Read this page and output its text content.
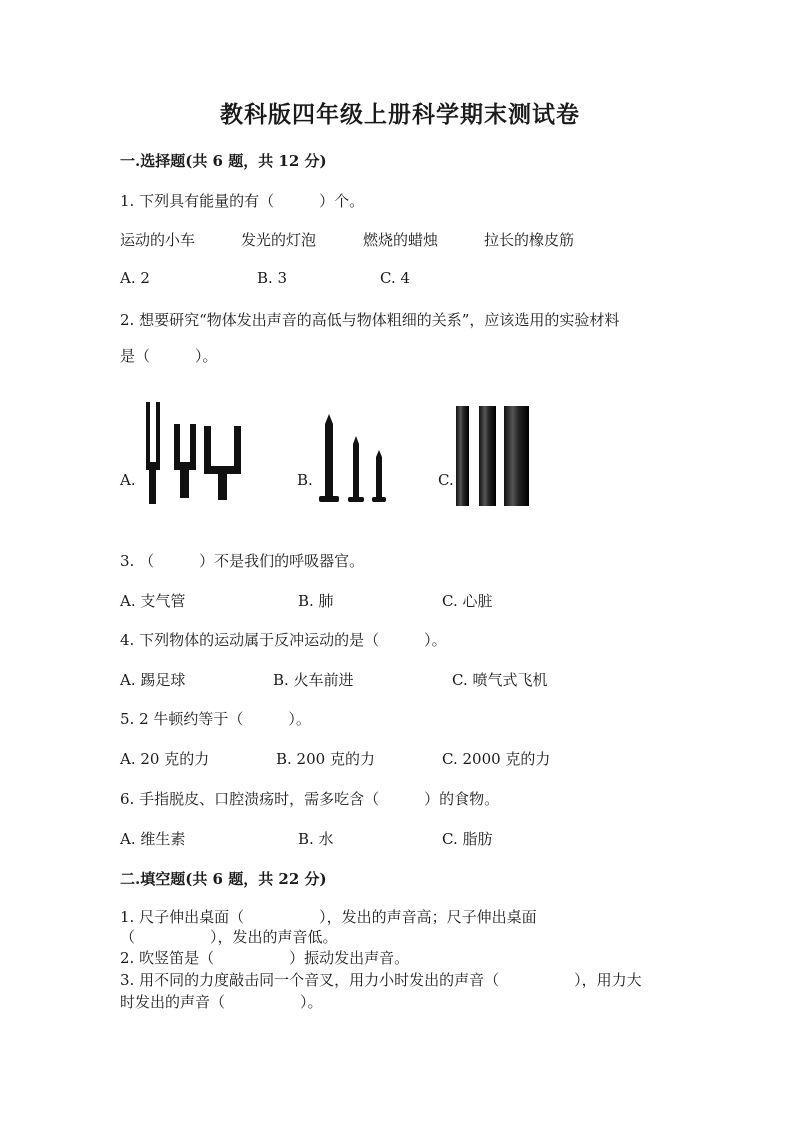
教科版四年级上册科学期末测试卷
一.选择题(共 6 题，共 12 分)
1. 下列具有能量的有（　　　）个。
运动的小车	发光的灯泡	燃烧的蜡烛	拉长的橡皮筋
A. 2	B. 3	C. 4
2. 想要研究“物体发出声音的高低与物体粗细的关系”，应该选用的实验材料
是（　　　）。
A.	B.	C.
3. （　　　）不是我们的呼吸器官。
A. 支气管	B. 肺	C. 心脏
4. 下列物体的运动属于反冲运动的是（　　　）。
A. 踢足球	B. 火车前进	C. 喷气式飞机
5. 2 牛顿约等于（　　　）。
A. 20 克的力	B. 200 克的力	C. 2000 克的力
6. 手指脱皮、口腔溃疡时，需多吃含（　　　）的食物。
A. 维生素	B. 水	C. 脂肪
二.填空题(共 6 题，共 22 分)
1. 尺子伸出桌面（　　　　　），发出的声音高；尺子伸出桌面
（　　　　　），发出的声音低。
2. 吹竖笛是（　　　　　）振动发出声音。
3. 用不同的力度敲击同一个音叉，用力小时发出的声音（　　　　　），用力大
时发出的声音（　　　　　）。
